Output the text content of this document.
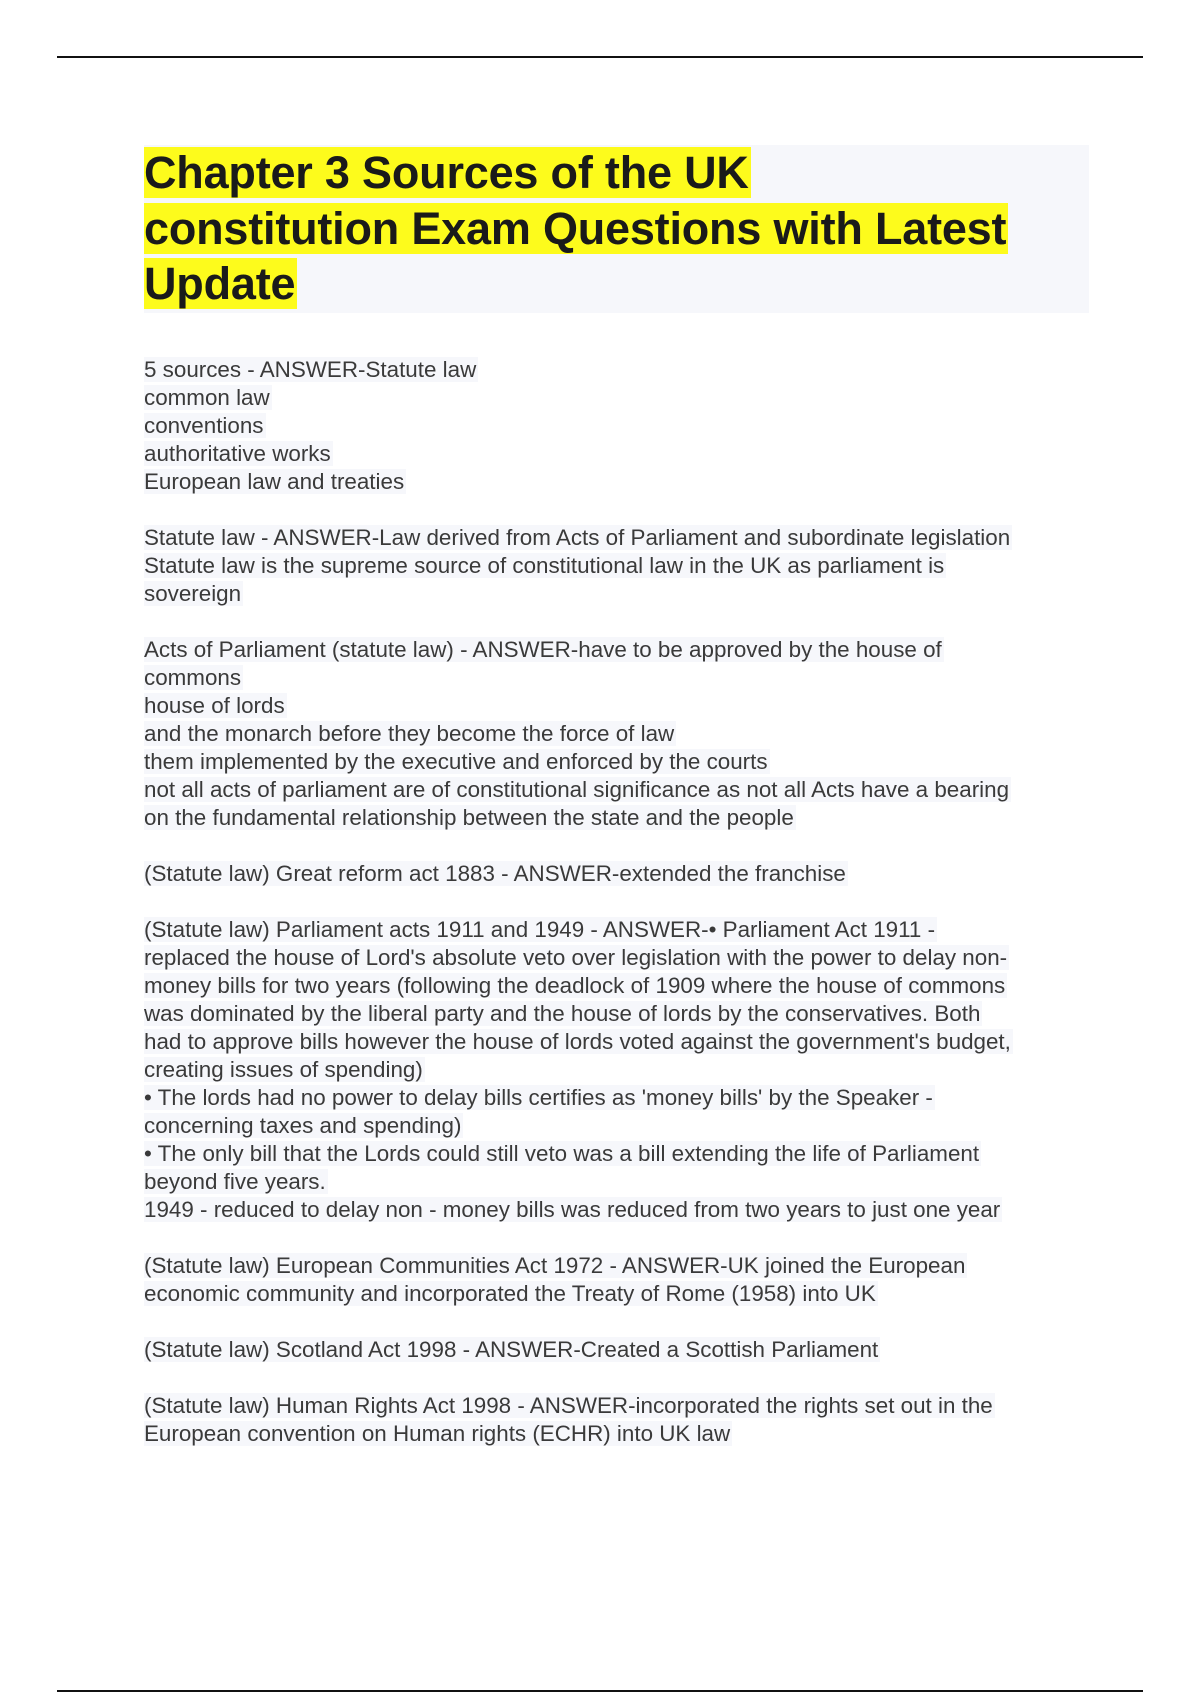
Chapter 3 Sources of the UK
constitution Exam Questions with Latest
Update
5 sources - ANSWER-Statute law
common law
conventions
authoritative works
European law and treaties
Statute law - ANSWER-Law derived from Acts of Parliament and subordinate legislation
Statute law is the supreme source of constitutional law in the UK as parliament is
sovereign
Acts of Parliament (statute law) - ANSWER-have to be approved by the house of
commons
house of lords
and the monarch before they become the force of law
them implemented by the executive and enforced by the courts
not all acts of parliament are of constitutional significance as not all Acts have a bearing
on the fundamental relationship between the state and the people
(Statute law) Great reform act 1883 - ANSWER-extended the franchise
(Statute law) Parliament acts 1911 and 1949 - ANSWER-• Parliament Act 1911 -
replaced the house of Lord's absolute veto over legislation with the power to delay non-
money bills for two years (following the deadlock of 1909 where the house of commons
was dominated by the liberal party and the house of lords by the conservatives. Both
had to approve bills however the house of lords voted against the government's budget,
creating issues of spending)
• The lords had no power to delay bills certifies as 'money bills' by the Speaker -
concerning taxes and spending)
• The only bill that the Lords could still veto was a bill extending the life of Parliament
beyond five years.
1949 - reduced to delay non - money bills was reduced from two years to just one year
(Statute law) European Communities Act 1972 - ANSWER-UK joined the European
economic community and incorporated the Treaty of Rome (1958) into UK
(Statute law) Scotland Act 1998 - ANSWER-Created a Scottish Parliament
(Statute law) Human Rights Act 1998 - ANSWER-incorporated the rights set out in the
European convention on Human rights (ECHR) into UK law
